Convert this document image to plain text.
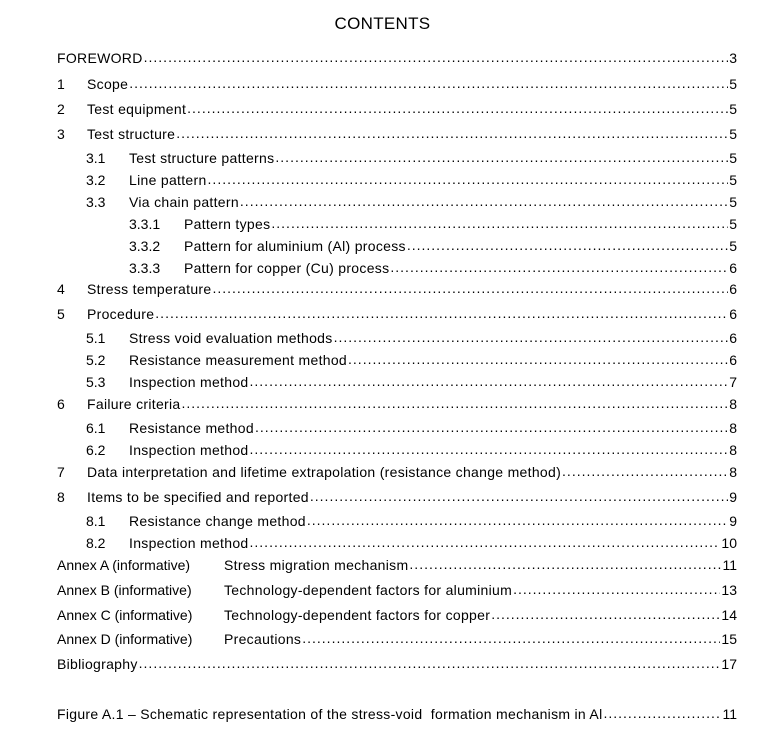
CONTENTS
FOREWORD .....	3
1	Scope .....	5
2	Test equipment .....	5
3	Test structure .....	5
3.1	Test structure patterns .....	5
3.2	Line pattern .....	5
3.3	Via chain pattern .....	5
3.3.1	Pattern types .....	5
3.3.2	Pattern for aluminium (Al) process .....	5
3.3.3	Pattern for copper (Cu) process .....	6
4	Stress temperature .....	6
5	Procedure .....	6
5.1	Stress void evaluation methods .....	6
5.2	Resistance measurement method .....	6
5.3	Inspection method .....	7
6	Failure criteria .....	8
6.1	Resistance method .....	8
6.2	Inspection method .....	8
7	Data interpretation and lifetime extrapolation (resistance change method) .....	8
8	Items to be specified and reported .....	9
8.1	Resistance change method .....	9
8.2	Inspection method .....	10
Annex A (informative)	Stress migration mechanism .....	11
Annex B (informative)	Technology-dependent factors for aluminium .....	13
Annex C (informative)	Technology-dependent factors for copper .....	14
Annex D (informative)	Precautions .....	15
Bibliography .....	17
Figure A.1 – Schematic representation of the stress-void  formation mechanism in Al .....	11
